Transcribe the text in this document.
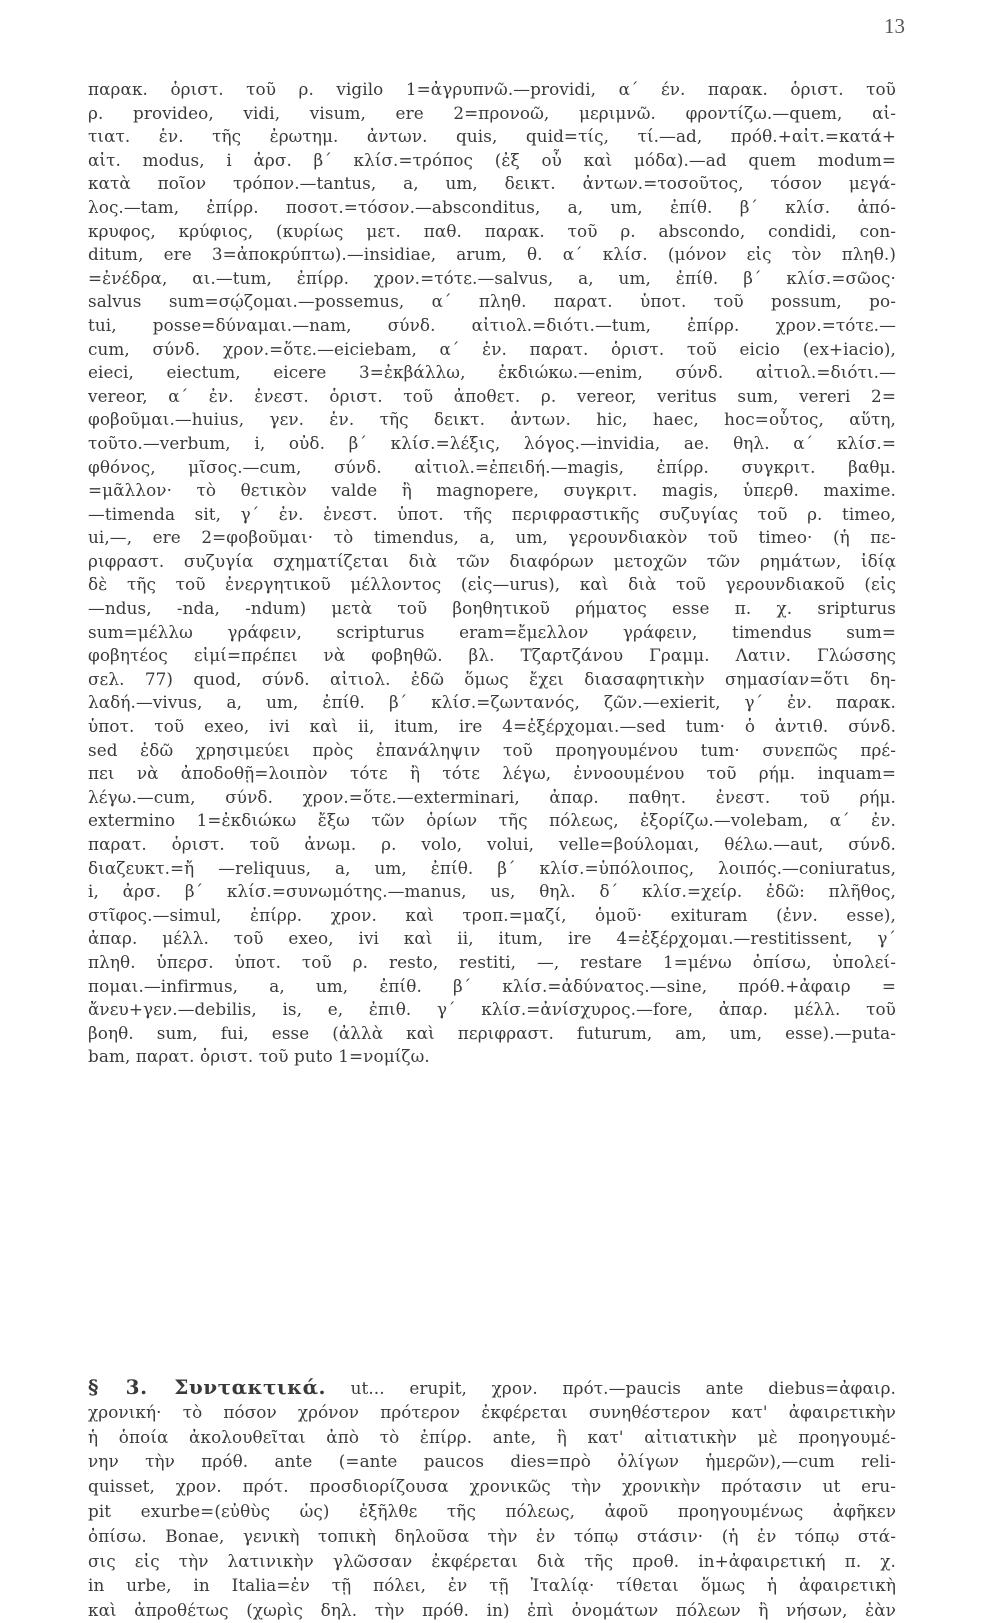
13
παρακ. ὁριστ. τοῦ ρ. vigilo 1=ἀγρυπνῶ.—providi, α΄ έν. παρακ. ὁριστ. τοῦ
ρ. provideo, vidi, visum, ere 2=προνοῶ, μεριμνῶ. φροντίζω.—quem, αἰ-
τιατ. ἑν. τῆς ἐρωτημ. ἀντων. quis, quid=τίς, τί.—ad, πρόθ.+αἰτ.=κατά+
αἰτ. modus, i ἀρσ. β΄ κλίσ.=τρόπος (ἐξ οὗ καὶ μόδα).—ad quem modum=
κατὰ ποῖον τρόπον.—tantus, a, um, δεικτ. ἀντων.=τοσοῦτος, τόσον μεγά-
λος.—tam, ἐπίρρ. ποσοτ.=τόσον.—absconditus, a, um, ἐπίθ. β΄ κλίσ. ἀπό-
κρυφος, κρύφιος, (κυρίως μετ. παθ. παρακ. τοῦ ρ. abscondo, condidi, con-
ditum, ere 3=ἀποκρύπτω).—insidiae, arum, θ. α΄ κλίσ. (μόνον εἰς τὸν πληθ.)
=ἐνέδρα, αι.—tum, ἐπίρρ. χρον.=τότε.—salvus, a, um, ἐπίθ. β΄ κλίσ.=σῶος·
salvus sum=σῴζομαι.—possemus, α΄ πληθ. παρατ. ὑποτ. τοῦ possum, po-
tui, posse=δύναμαι.—nam, σύνδ. αἰτιολ.=διότι.—tum, ἐπίρρ. χρον.=τότε.—
cum, σύνδ. χρον.=ὅτε.—eiciebam, α΄ ἐν. παρατ. ὁριστ. τοῦ eicio (ex+iacio),
eieci, eiectum, eicere 3=ἐκβάλλω, ἐκδιώκω.—enim, σύνδ. αἰτιολ.=διότι.—
vereor, α΄ ἐν. ἐνεστ. ὁριστ. τοῦ ἀποθετ. ρ. vereor, veritus sum, vereri 2=
φοβοῦμαι.—huius, γεν. ἑν. τῆς δεικτ. ἀντων. hic, haec, hoc=οὗτος, αὕτη,
τοῦτο.—verbum, i, οὐδ. β΄ κλίσ.=λέξις, λόγος.—invidia, ae. θηλ. α΄ κλίσ.=
φθόνος, μῖσος.—cum, σύνδ. αἰτιολ.=ἐπειδή.—magis, ἐπίρρ. συγκριτ. βαθμ.
=μᾶλλον· τὸ θετικὸν valde ἢ magnopere, συγκριτ. magis, ὑπερθ. maxime.
—timenda sit, γ΄ ἐν. ἐνεστ. ὑποτ. τῆς περιφραστικῆς συζυγίας τοῦ ρ. timeo,
ui,—, ere 2=φοβοῦμαι· τὸ timendus, a, um, γερουνδιακὸν τοῦ timeo· (ἡ πε-
ριφραστ. συζυγία σχηματίζεται διὰ τῶν διαφόρων μετοχῶν τῶν ρημάτων, ἰδίᾳ
δὲ τῆς τοῦ ἐνεργητικοῦ μέλλοντος (εἰς—urus), καὶ διὰ τοῦ γερουνδιακοῦ (εἰς
—ndus, -nda, -ndum) μετὰ τοῦ βοηθητικοῦ ρήματος esse π. χ. sripturus
sum=μέλλω γράφειν, scripturus eram=ἔμελλον γράφειν, timendus sum=
φοβητέος εἰμί=πρέπει νὰ φοβηθῶ. βλ. Τζαρτζάνου Γραμμ. Λατιν. Γλώσσης
σελ. 77) quod, σύνδ. αἰτιολ. ἐδῶ ὅμως ἔχει διασαφητικὴν σημασίαν=ὅτι δη-
λαδή.—vivus, a, um, ἐπίθ. β΄ κλίσ.=ζωντανός, ζῶν.—exierit, γ΄ ἐν. παρακ.
ὑποτ. τοῦ exeo, ivi καὶ ii, itum, ire 4=ἐξέρχομαι.—sed tum· ὁ ἀντιθ. σύνδ.
sed ἐδῶ χρησιμεύει πρὸς ἐπανάληψιν τοῦ προηγουμένου tum· συνεπῶς πρέ-
πει νὰ ἀποδοθῇ=λοιπὸν τότε ἢ τότε λέγω, ἐννοουμένου τοῦ ρήμ. inquam=
λέγω.—cum, σύνδ. χρον.=ὅτε.—exterminari, ἀπαρ. παθητ. ἐνεστ. τοῦ ρήμ.
extermino 1=ἐκδιώκω ἔξω τῶν ὁρίων τῆς πόλεως, ἐξορίζω.—volebam, α΄ ἐν.
παρατ. ὁριστ. τοῦ ἀνωμ. ρ. volo, volui, velle=βούλομαι, θέλω.—aut, σύνδ.
διαζευκτ.=ἤ —reliquus, a, um, ἐπίθ. β΄ κλίσ.=ὑπόλοιπος, λοιπός.—coniuratus,
i, ἀρσ. β΄ κλίσ.=συνωμότης.—manus, us, θηλ. δ΄ κλίσ.=χείρ. ἐδῶ: πλῆθος,
στῖφος.—simul, ἐπίρρ. χρον. καὶ τροπ.=μαζί, ὁμοῦ· exituram (ἐνν. esse),
ἀπαρ. μέλλ. τοῦ exeo, ivi καὶ ii, itum, ire 4=ἐξέρχομαι.—restitissent, γ΄
πληθ. ὑπερσ. ὑποτ. τοῦ ρ. resto, restiti, —, restare 1=μένω ὀπίσω, ὑπολεί-
πομαι.—infirmus, a, um, ἐπίθ. β΄ κλίσ.=ἀδύνατος.—sine, πρόθ.+ἀφαιρ =
ἄνευ+γεν.—debilis, is, e, ἐπιθ. γ΄ κλίσ.=ἀνίσχυρος.—fore, ἀπαρ. μέλλ. τοῦ
βοηθ. sum, fui, esse (ἀλλὰ καὶ περιφραστ. futurum, am, um, esse).—puta-
bam, παρατ. ὁριστ. τοῦ puto 1=νομίζω.
§ 3. Συντακτικά. ut... erupit, χρον. πρότ.—paucis ante diebus=ἀφαιρ.
χρονική· τὸ πόσον χρόνον πρότερον ἐκφέρεται συνηθέστερον κατ' ἀφαιρετικὴν
ἡ ὁποία ἀκολουθεῖται ἀπὸ τὸ ἐπίρρ. ante, ἢ κατ' αἰτιατικὴν μὲ προηγουμέ-
νην τὴν πρόθ. ante (=ante paucos dies=πρὸ ὀλίγων ἡμερῶν),—cum reli-
quisset, χρον. πρότ. προσδιορίζουσα χρονικῶς τὴν χρονικὴν πρότασιν ut eru-
pit exurbe=(εὐθὺς ὡς) ἐξῆλθε τῆς πόλεως, ἀφοῦ προηγουμένως ἀφῆκεν
ὀπίσω. Bonae, γενικὴ τοπικὴ δηλοῦσα τὴν ἐν τόπῳ στάσιν· (ἡ ἐν τόπῳ στά-
σις εἰς τὴν λατινικὴν γλῶσσαν ἐκφέρεται διὰ τῆς προθ. in+ἀφαιρετική π. χ.
in urbe, in Italia=ἐν τῇ πόλει, ἐν τῇ Ἰταλίᾳ· τίθεται ὅμως ἡ ἀφαιρετικὴ
καὶ ἀπροθέτως (χωρὶς δηλ. τὴν πρόθ. in) ἐπὶ ὀνομάτων πόλεων ἢ νήσων, ἐὰν
